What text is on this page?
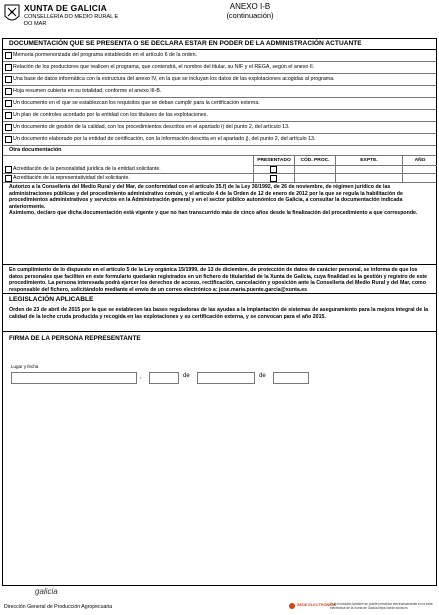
XUNTA DE GALICIA
CONSELLERÍA DO MEDIO RURAL E DO MAR
ANEXO I-B
(continuación)
DOCUMENTACIÓN QUE SE PRESENTA O SE DECLARA ESTAR EN PODER DE LA ADMINISTRACIÓN ACTUANTE
Memoria pormenorizada del programa establecido en el artículo 6 de la orden.
Relación de los productores que realicen el programa, que contendrá, el nombre del titular, su NIF y el REGA, según el anexo II.
Una base de datos informática con la estructura del anexo IV, en la que se incluyan los datos de las explotaciones acogidas al programa.
Hoja resumen cubierta en su totalidad, conforme el anexo III-B.
Un documento en el que se establezcan los requisitos que se deban cumplir para la certificación externa.
Un plan de controles acordado por la entidad con los titulares de las explotaciones.
Un documento de gestión de la calidad, con los procedimientos descritos en el apartado i) del punto 2, del artículo 13.
Un documento elaborado por la entidad de certificación, con la información descrita en el apartado j), del punto 2, del artículo 13.
Otra documentación
PRESENTADO	CÓD. PROC.	EXPTE.	AÑO
Acreditación de la personalidad jurídica de la entidad solicitante.
Acreditación de la representatividad del solicitante.
Autorizo a la Consellería del Medio Rural y del Mar, de conformidad con el artículo 35.f) de la Ley 30/1992, de 26 de noviembre, de régimen jurídico de las administraciones públicas y del procedimiento administrativo común, y el artículo 4 de la Orden de 12 de enero de 2012 por la que se regula la habilitación de procedimientos administrativos y servicios en la Administración general y en el sector público autonómico de Galicia, a consultar la documentación indicada anteriormente.
Asimismo, declaro que dicha documentación está vigente y que no han transcurrido más de cinco años desde la finalización del procedimiento a que corresponde.
En cumplimiento de lo dispuesto en el artículo 5 de la Ley orgánica 15/1999, de 13 de diciembre, de protección de datos de carácter personal, se informa de que los datos personales que faciliten en este formulario quedarán registrados en un fichero de titularidad de la Xunta de Galicia, cuya finalidad es la gestión y registro de este procedimiento. La persona interesada podrá ejercer los derechos de acceso, rectificación, cancelación y oposición ante la Consellería del Medio Rural y del Mar, como responsable del fichero, solicitándolo mediante el envío de un correo electrónico a: jose.maria.puente.garcia@xunta.es
LEGISLACIÓN APLICABLE
Orden de 23 de abril de 2015 por la que se establecen las bases reguladoras de las ayudas a la implantación de sistemas de aseguramiento para la mejora integral de la calidad de la leche cruda producida y recogida en las explotaciones y su certificación externa, y se convocan para el año 2015.
FIRMA DE LA PERSONA REPRESENTANTE
Lugar y fecha
,	de	de
galicia
Dirección General de Producción Agropecuaria	SEDE ELECTRÓNICA
Esta formulario también se puede presentar electrónicamente en la sede electrónica de la Xunta de Galicia https://sede.xunta.es
